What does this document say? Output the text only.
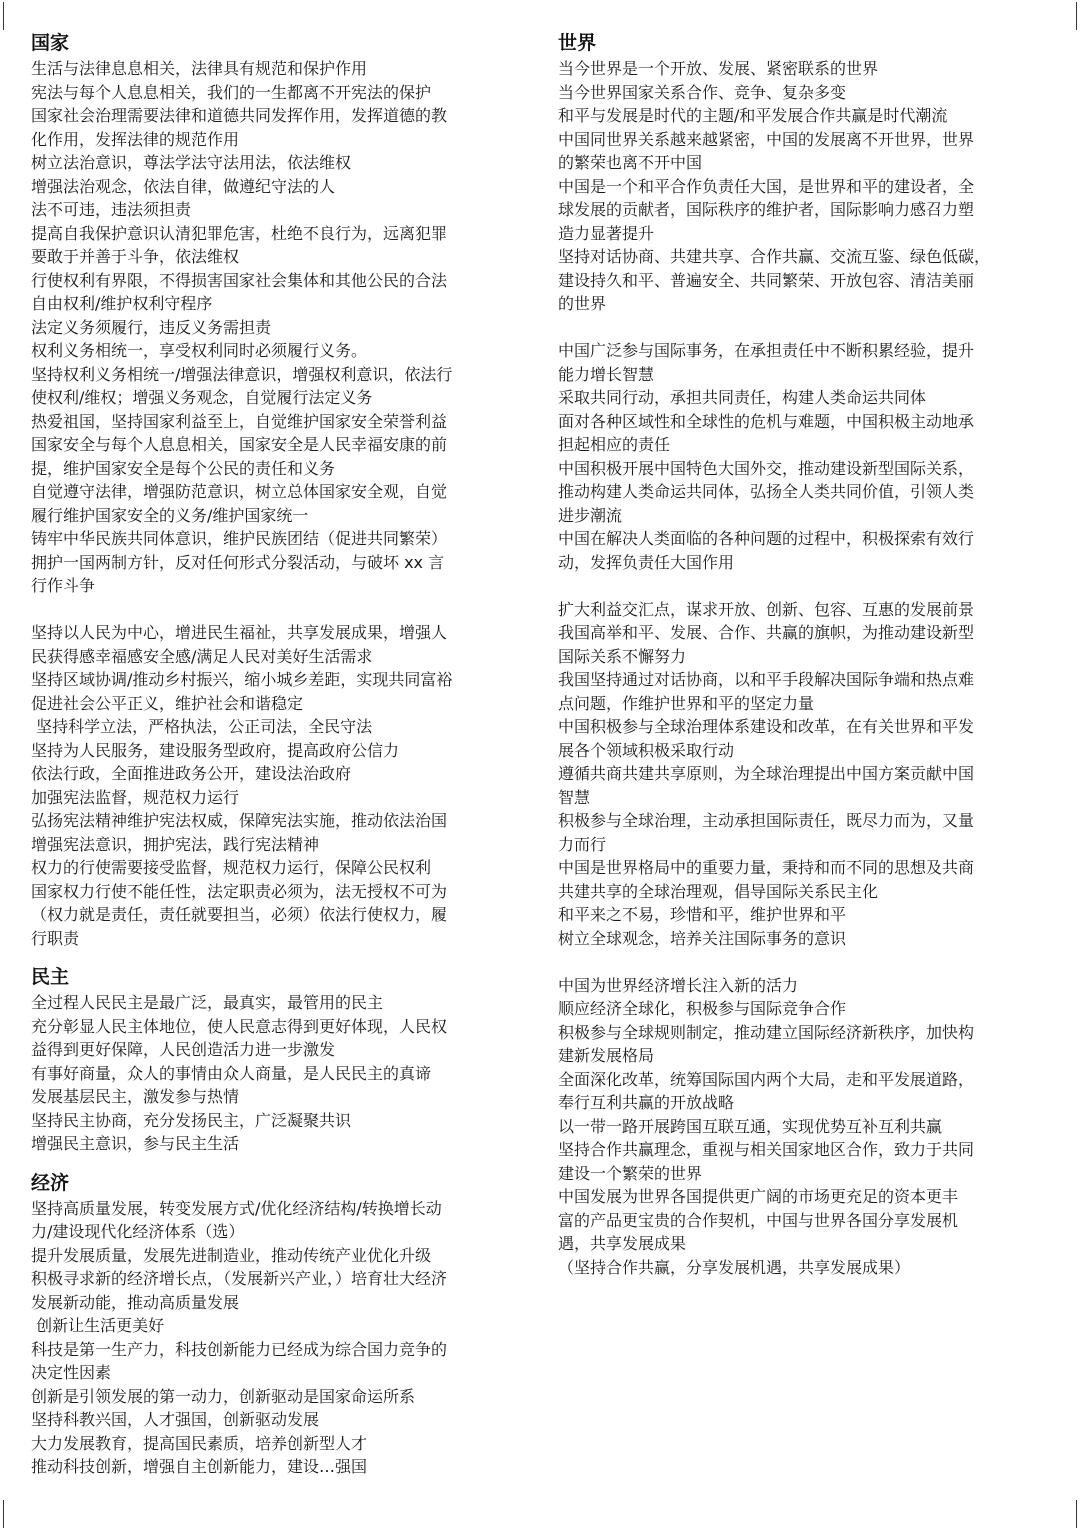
国家
生活与法律息息相关，法律具有规范和保护作用
宪法与每个人息息相关，我们的一生都离不开宪法的保护
国家社会治理需要法律和道德共同发挥作用，发挥道德的教
化作用，发挥法律的规范作用
树立法治意识，尊法学法守法用法，依法维权
增强法治观念，依法自律，做遵纪守法的人
法不可违，违法须担责
提高自我保护意识认清犯罪危害，杜绝不良行为，远离犯罪
要敢于并善于斗争，依法维权
行使权利有界限，不得损害国家社会集体和其他公民的合法
自由权利/维护权利守程序
法定义务须履行，违反义务需担责
权利义务相统一，享受权利同时必须履行义务。
坚持权利义务相统一/增强法律意识，增强权利意识，依法行
使权利/维权；增强义务观念，自觉履行法定义务
热爱祖国，坚持国家利益至上，自觉维护国家安全荣誉利益
国家安全与每个人息息相关，国家安全是人民幸福安康的前
提，维护国家安全是每个公民的责任和义务
自觉遵守法律，增强防范意识，树立总体国家安全观，自觉
履行维护国家安全的义务/维护国家统一
铸牢中华民族共同体意识，维护民族团结（促进共同繁荣）
拥护一国两制方针，反对任何形式分裂活动，与破坏 xx 言
行作斗争
坚持以人民为中心，增进民生福祉，共享发展成果，增强人
民获得感幸福感安全感/满足人民对美好生活需求
坚持区域协调/推动乡村振兴，缩小城乡差距，实现共同富裕
促进社会公平正义，维护社会和谐稳定
坚持科学立法，严格执法，公正司法，全民守法
坚持为人民服务，建设服务型政府，提高政府公信力
依法行政，全面推进政务公开，建设法治政府
加强宪法监督，规范权力运行
弘扬宪法精神维护宪法权威，保障宪法实施，推动依法治国
增强宪法意识，拥护宪法，践行宪法精神
权力的行使需要接受监督，规范权力运行，保障公民权利
国家权力行使不能任性，法定职责必须为，法无授权不可为
（权力就是责任，责任就要担当，必须）依法行使权力，履
行职责
民主
全过程人民民主是最广泛，最真实，最管用的民主
充分彰显人民主体地位，使人民意志得到更好体现，人民权
益得到更好保障，人民创造活力进一步激发
有事好商量，众人的事情由众人商量，是人民民主的真谛
发展基层民主，激发参与热情
坚持民主协商，充分发扬民主，广泛凝聚共识
增强民主意识，参与民主生活
经济
坚持高质量发展，转变发展方式/优化经济结构/转换增长动
力/建设现代化经济体系（选）
提升发展质量，发展先进制造业，推动传统产业优化升级
积极寻求新的经济增长点，（发展新兴产业，）培育壮大经济
发展新动能，推动高质量发展
创新让生活更美好
科技是第一生产力，科技创新能力已经成为综合国力竞争的
决定性因素
创新是引领发展的第一动力，创新驱动是国家命运所系
坚持科教兴国，人才强国，创新驱动发展
大力发展教育，提高国民素质，培养创新型人才
推动科技创新，增强自主创新能力，建设…强国
世界
当今世界是一个开放、发展、紧密联系的世界
当今世界国家关系合作、竞争、复杂多变
和平与发展是时代的主题/和平发展合作共赢是时代潮流
中国同世界关系越来越紧密，中国的发展离不开世界，世界
的繁荣也离不开中国
中国是一个和平合作负责任大国，是世界和平的建设者，全
球发展的贡献者，国际秩序的维护者，国际影响力感召力塑
造力显著提升
坚持对话协商、共建共享、合作共赢、交流互鉴、绿色低碳，
建设持久和平、普遍安全、共同繁荣、开放包容、清洁美丽
的世界
中国广泛参与国际事务，在承担责任中不断积累经验，提升
能力增长智慧
采取共同行动，承担共同责任，构建人类命运共同体
面对各种区域性和全球性的危机与难题，中国积极主动地承
担起相应的责任
中国积极开展中国特色大国外交，推动建设新型国际关系，
推动构建人类命运共同体，弘扬全人类共同价值，引领人类
进步潮流
中国在解决人类面临的各种问题的过程中，积极探索有效行
动，发挥负责任大国作用
扩大利益交汇点，谋求开放、创新、包容、互惠的发展前景
我国高举和平、发展、合作、共赢的旗帜，为推动建设新型
国际关系不懈努力
我国坚持通过对话协商，以和平手段解决国际争端和热点难
点问题，作维护世界和平的坚定力量
中国积极参与全球治理体系建设和改革，在有关世界和平发
展各个领域积极采取行动
遵循共商共建共享原则，为全球治理提出中国方案贡献中国
智慧
积极参与全球治理，主动承担国际责任，既尽力而为，又量
力而行
中国是世界格局中的重要力量，秉持和而不同的思想及共商
共建共享的全球治理观，倡导国际关系民主化
和平来之不易，珍惜和平，维护世界和平
树立全球观念，培养关注国际事务的意识
中国为世界经济增长注入新的活力
顺应经济全球化，积极参与国际竞争合作
积极参与全球规则制定，推动建立国际经济新秩序，加快构
建新发展格局
全面深化改革，统筹国际国内两个大局，走和平发展道路，
奉行互利共赢的开放战略
以一带一路开展跨国互联互通，实现优势互补互利共赢
坚持合作共赢理念，重视与相关国家地区合作，致力于共同
建设一个繁荣的世界
中国发展为世界各国提供更广阔的市场更充足的资本更丰
富的产品更宝贵的合作契机，中国与世界各国分享发展机
遇，共享发展成果
（坚持合作共赢，分享发展机遇，共享发展成果）
